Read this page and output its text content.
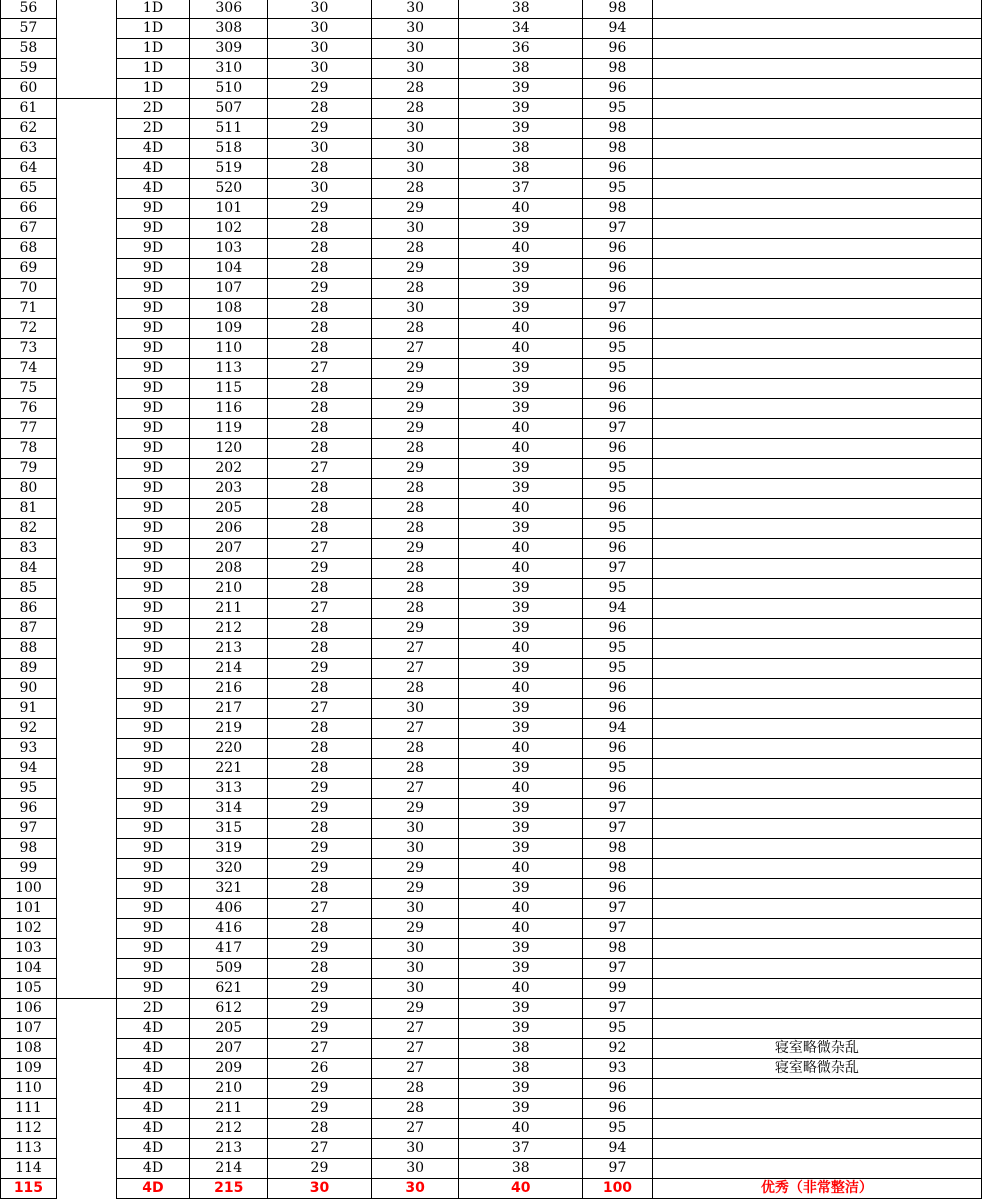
56		1D	306	30	30	38	98	
57		1D	308	30	30	34	94	
58		1D	309	30	30	36	96	
59		1D	310	30	30	38	98	
60		1D	510	29	28	39	96	
61		2D	507	28	28	39	95	
62		2D	511	29	30	39	98	
63		4D	518	30	30	38	98	
64		4D	519	28	30	38	96	
65		4D	520	30	28	37	95	
66		9D	101	29	29	40	98	
67		9D	102	28	30	39	97	
68		9D	103	28	28	40	96	
69		9D	104	28	29	39	96	
70		9D	107	29	28	39	96	
71		9D	108	28	30	39	97	
72		9D	109	28	28	40	96	
73		9D	110	28	27	40	95	
74		9D	113	27	29	39	95	
75		9D	115	28	29	39	96	
76		9D	116	28	29	39	96	
77		9D	119	28	29	40	97	
78		9D	120	28	28	40	96	
79		9D	202	27	29	39	95	
80		9D	203	28	28	39	95	
81		9D	205	28	28	40	96	
82		9D	206	28	28	39	95	
83		9D	207	27	29	40	96	
84		9D	208	29	28	40	97	
85		9D	210	28	28	39	95	
86		9D	211	27	28	39	94	
87		9D	212	28	29	39	96	
88		9D	213	28	27	40	95	
89		9D	214	29	27	39	95	
90		9D	216	28	28	40	96	
91		9D	217	27	30	39	96	
92		9D	219	28	27	39	94	
93		9D	220	28	28	40	96	
94		9D	221	28	28	39	95	
95		9D	313	29	27	40	96	
96		9D	314	29	29	39	97	
97		9D	315	28	30	39	97	
98		9D	319	29	30	39	98	
99		9D	320	29	29	40	98	
100		9D	321	28	29	39	96	
101		9D	406	27	30	40	97	
102		9D	416	28	29	40	97	
103		9D	417	29	30	39	98	
104		9D	509	28	30	39	97	
105		9D	621	29	30	40	99	
106		2D	612	29	29	39	97	
107		4D	205	29	27	39	95	
108		4D	207	27	27	38	92	寝室略微杂乱
109		4D	209	26	27	38	93	寝室略微杂乱
110		4D	210	29	28	39	96	
111		4D	211	29	28	39	96	
112		4D	212	28	27	40	95	
113		4D	213	27	30	37	94	
114		4D	214	29	30	38	97	
115		4D	215	30	30	40	100	优秀（非常整洁）
